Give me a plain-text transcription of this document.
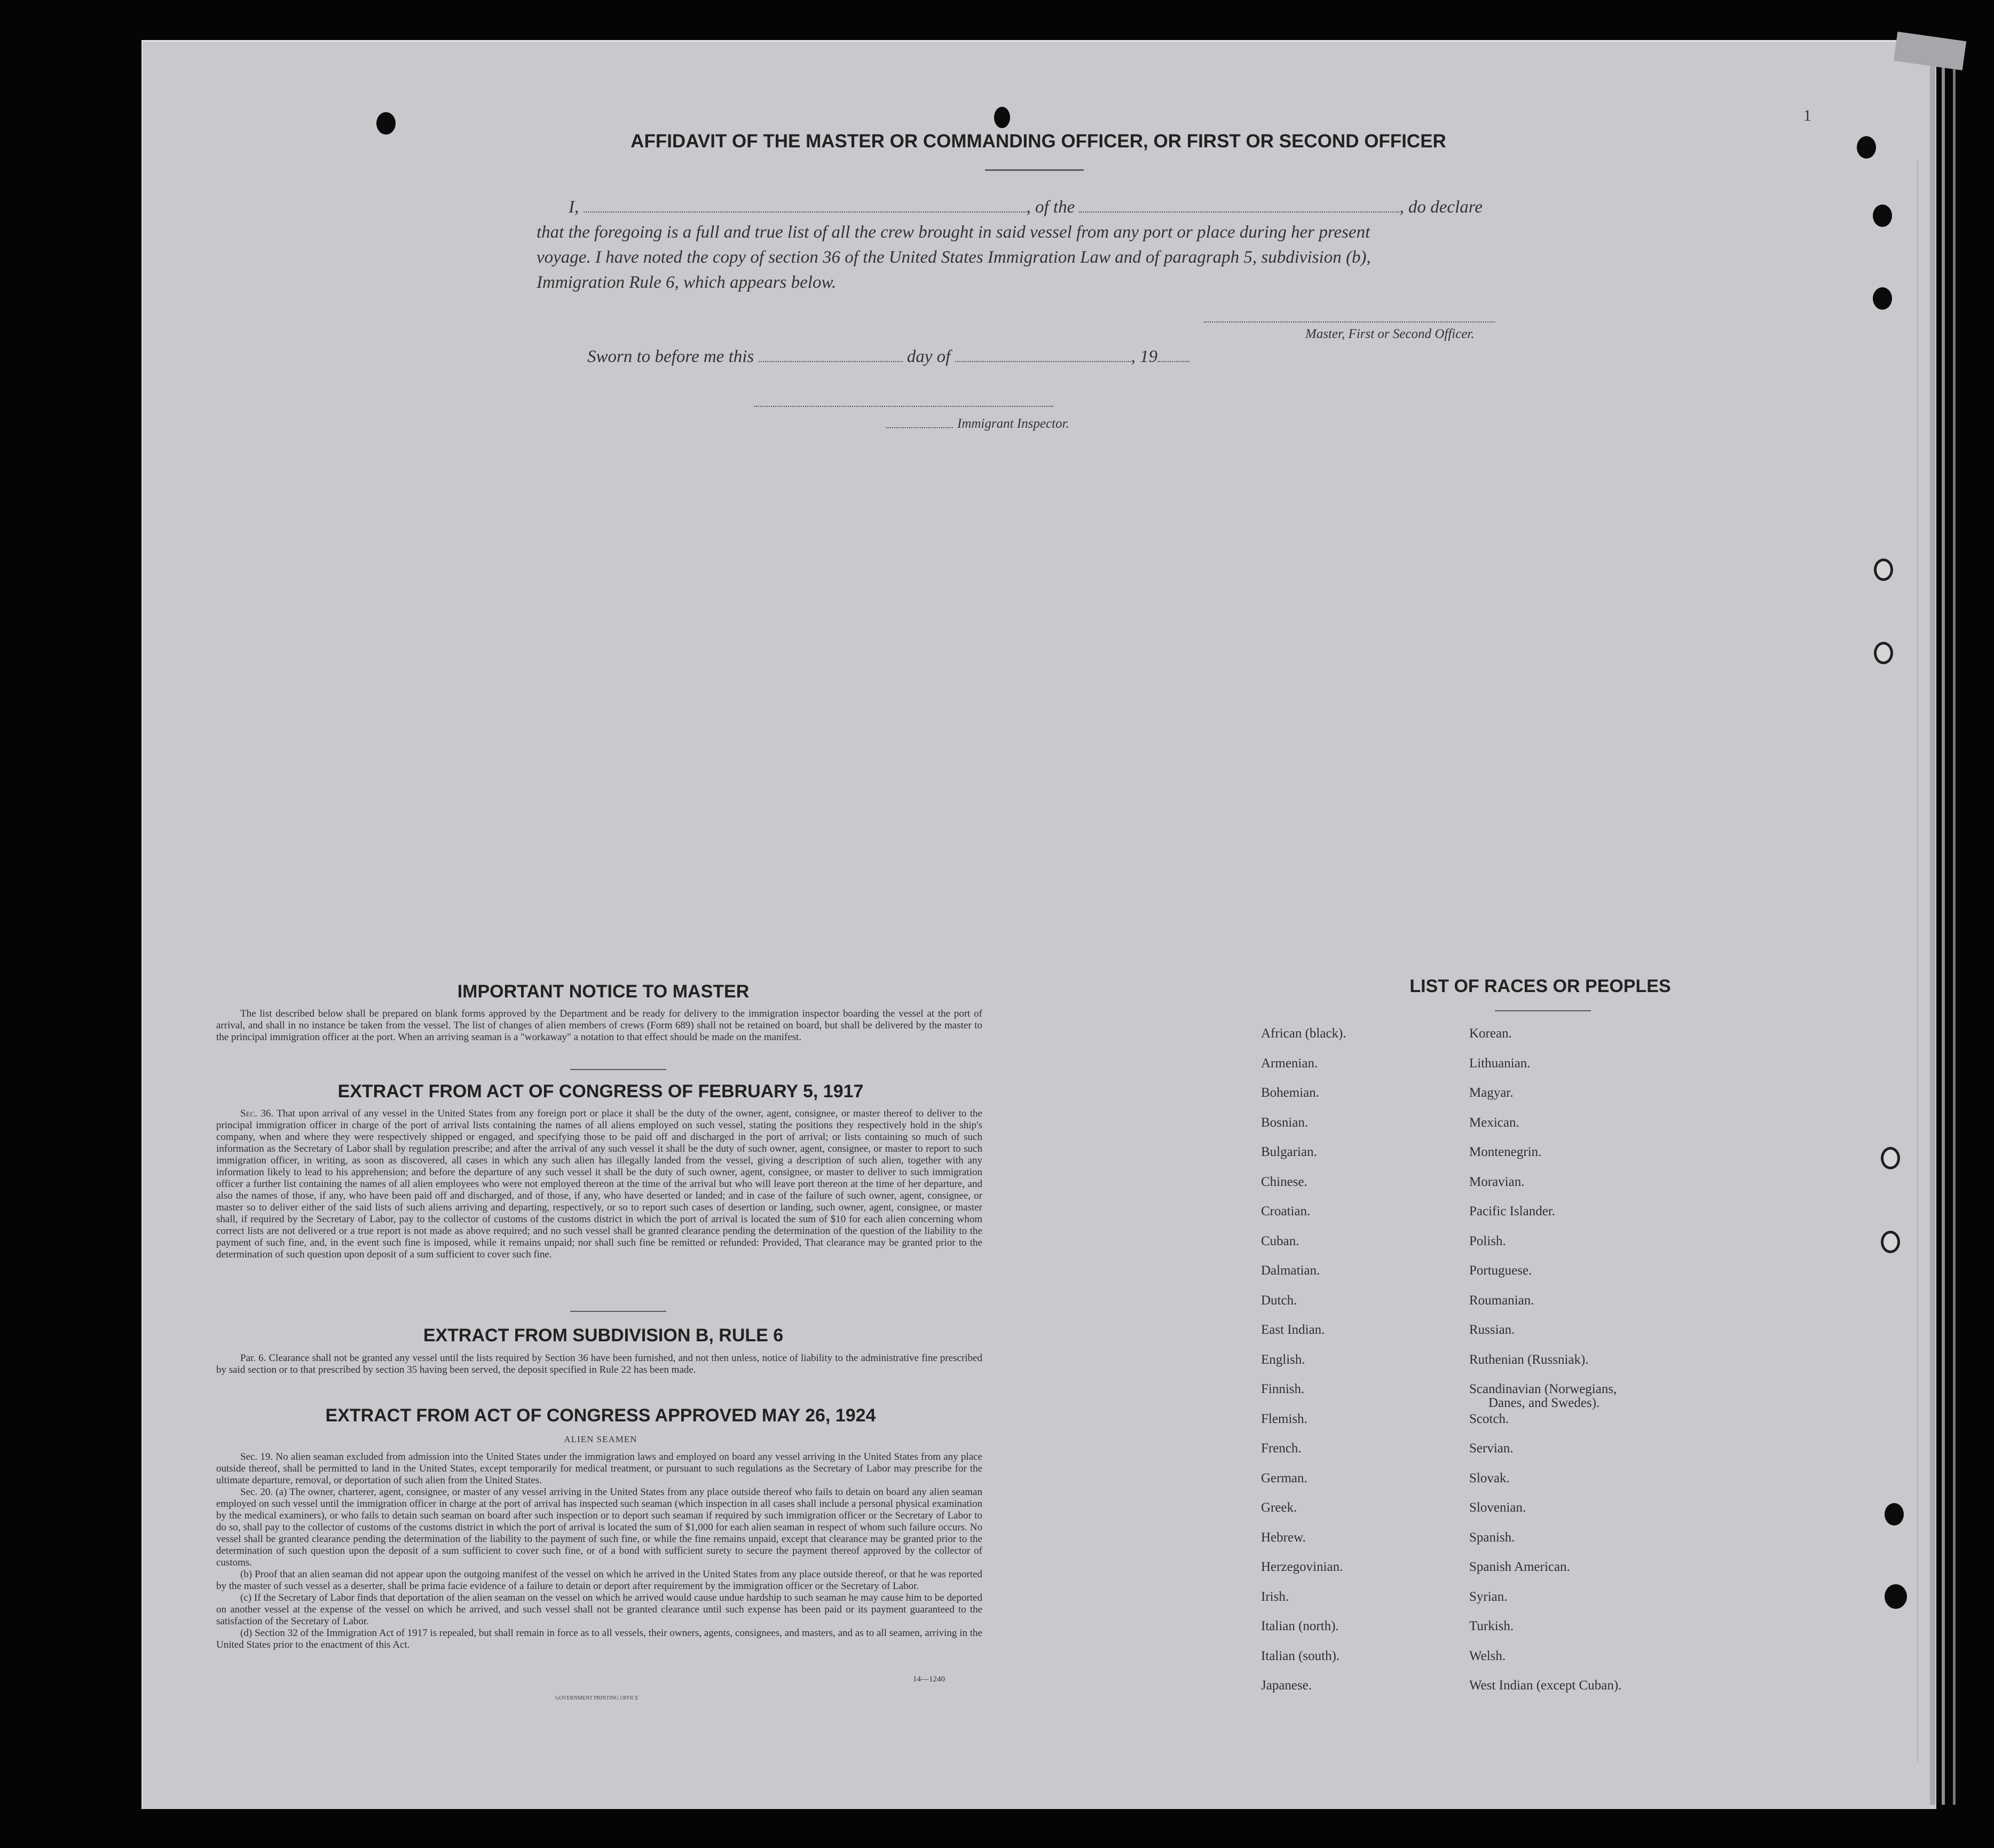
1
AFFIDAVIT OF THE MASTER OR COMMANDING OFFICER, OR FIRST OR SECOND OFFICER
I,	, of the	, do declare
that the foregoing is a full and true list of all the crew brought in said vessel from any port or place during her present
voyage. I have noted the copy of section 36 of the United States Immigration Law and of paragraph 5, subdivision (b),
Immigration Rule 6, which appears below.
Master, First or Second Officer.
Sworn to before me this	day of	, 19
Immigrant Inspector.
IMPORTANT NOTICE TO MASTER
The list described below shall be prepared on blank forms approved by the Department and be ready for delivery to the immigration inspector boarding the vessel at the port of arrival, and shall in no instance be taken from the vessel. The list of changes of alien members of crews (Form 689) shall not be retained on board, but shall be delivered by the master to the principal immigration officer at the port. When an arriving seaman is a "workaway" a notation to that effect should be made on the manifest.
EXTRACT FROM ACT OF CONGRESS OF FEBRUARY 5, 1917
Sec. 36. That upon arrival of any vessel in the United States from any foreign port or place it shall be the duty of the owner, agent, consignee, or master thereof to deliver to the principal immigration officer in charge of the port of arrival lists containing the names of all aliens employed on such vessel, stating the positions they respectively hold in the ship's company, when and where they were respectively shipped or engaged, and specifying those to be paid off and discharged in the port of arrival; or lists containing so much of such information as the Secretary of Labor shall by regulation prescribe; and after the arrival of any such vessel it shall be the duty of such owner, agent, consignee, or master to report to such immigration officer, in writing, as soon as discovered, all cases in which any such alien has illegally landed from the vessel, giving a description of such alien, together with any information likely to lead to his apprehension; and before the departure of any such vessel it shall be the duty of such owner, agent, consignee, or master to deliver to such immigration officer a further list containing the names of all alien employees who were not employed thereon at the time of the arrival but who will leave port thereon at the time of her departure, and also the names of those, if any, who have been paid off and discharged, and of those, if any, who have deserted or landed; and in case of the failure of such owner, agent, consignee, or master so to deliver either of the said lists of such aliens arriving and departing, respectively, or so to report such cases of desertion or landing, such owner, agent, consignee, or master shall, if required by the Secretary of Labor, pay to the collector of customs of the customs district in which the port of arrival is located the sum of $10 for each alien concerning whom correct lists are not delivered or a true report is not made as above required; and no such vessel shall be granted clearance pending the determination of the question of the liability to the payment of such fine, and, in the event such fine is imposed, while it remains unpaid; nor shall such fine be remitted or refunded: Provided, That clearance may be granted prior to the determination of such question upon deposit of a sum sufficient to cover such fine.
EXTRACT FROM SUBDIVISION B, RULE 6
Par. 6. Clearance shall not be granted any vessel until the lists required by Section 36 have been furnished, and not then unless, notice of liability to the administrative fine prescribed by said section or to that prescribed by section 35 having been served, the deposit specified in Rule 22 has been made.
EXTRACT FROM ACT OF CONGRESS APPROVED MAY 26, 1924
ALIEN SEAMEN
Sec. 19. No alien seaman excluded from admission into the United States under the immigration laws and employed on board any vessel arriving in the United States from any place outside thereof, shall be permitted to land in the United States, except temporarily for medical treatment, or pursuant to such regulations as the Secretary of Labor may prescribe for the ultimate departure, removal, or deportation of such alien from the United States.
Sec. 20. (a) The owner, charterer, agent, consignee, or master of any vessel arriving in the United States from any place outside thereof who fails to detain on board any alien seaman employed on such vessel until the immigration officer in charge at the port of arrival has inspected such seaman (which inspection in all cases shall include a personal physical examination by the medical examiners), or who fails to detain such seaman on board after such inspection or to deport such seaman if required by such immigration officer or the Secretary of Labor to do so, shall pay to the collector of customs of the customs district in which the port of arrival is located the sum of $1,000 for each alien seaman in respect of whom such failure occurs. No vessel shall be granted clearance pending the determination of the liability to the payment of such fine, or while the fine remains unpaid, except that clearance may be granted prior to the determination of such question upon the deposit of a sum sufficient to cover such fine, or of a bond with sufficient surety to secure the payment thereof approved by the collector of customs.
(b) Proof that an alien seaman did not appear upon the outgoing manifest of the vessel on which he arrived in the United States from any place outside thereof, or that he was reported by the master of such vessel as a deserter, shall be prima facie evidence of a failure to detain or deport after requirement by the immigration officer or the Secretary of Labor.
(c) If the Secretary of Labor finds that deportation of the alien seaman on the vessel on which he arrived would cause undue hardship to such seaman he may cause him to be deported on another vessel at the expense of the vessel on which he arrived, and such vessel shall not be granted clearance until such expense has been paid or its payment guaranteed to the satisfaction of the Secretary of Labor.
(d) Section 32 of the Immigration Act of 1917 is repealed, but shall remain in force as to all vessels, their owners, agents, consignees, and masters, and as to all seamen, arriving in the United States prior to the enactment of this Act.
GOVERNMENT PRINTING OFFICE
14—1240
LIST OF RACES OR PEOPLES
African (black).
Armenian.
Bohemian.
Bosnian.
Bulgarian.
Chinese.
Croatian.
Cuban.
Dalmatian.
Dutch.
East Indian.
English.
Finnish.
Flemish.
French.
German.
Greek.
Hebrew.
Herzegovinian.
Irish.
Italian (north).
Italian (south).
Japanese.
Korean.
Lithuanian.
Magyar.
Mexican.
Montenegrin.
Moravian.
Pacific Islander.
Polish.
Portuguese.
Roumanian.
Russian.
Ruthenian (Russniak).
Scandinavian (Norwegians,
Danes, and Swedes).
Scotch.
Servian.
Slovak.
Slovenian.
Spanish.
Spanish American.
Syrian.
Turkish.
Welsh.
West Indian (except Cuban).
